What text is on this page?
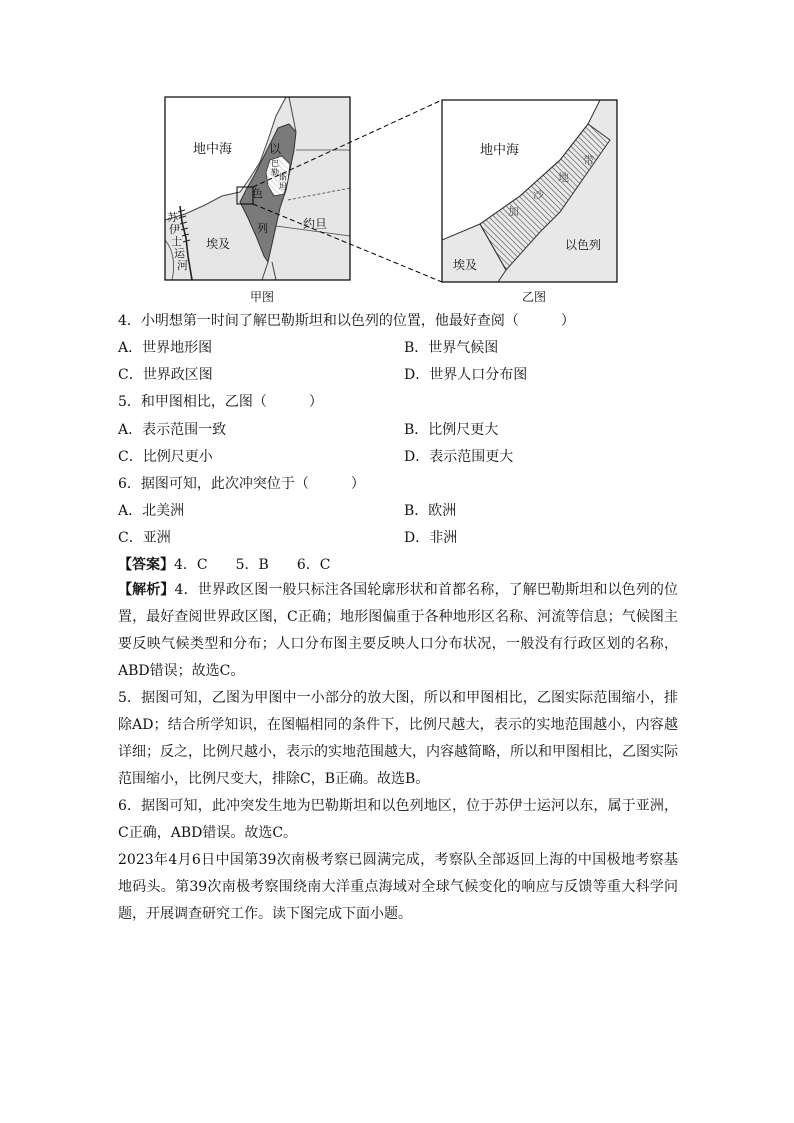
地中海	以
色
列
巴
勒
斯
坦
苏
伊
士
运
河
埃及
约旦
甲图
地中海
加
沙
地
带
埃及
以色列
乙图
4．小明想第一时间了解巴勒斯坦和以色列的位置，他最好查阅（　　　）
A．世界地形图	B．世界气候图
C．世界政区图	D．世界人口分布图
5．和甲图相比，乙图（　　　）
A．表示范围一致	B．比例尺更大
C．比例尺更小	D．表示范围更大
6．据图可知，此次冲突位于（　　　）
A．北美洲	B．欧洲
C．亚洲	D．非洲
【答案】4．C　　5．B　　6．C

【解析】4．世界政区图一般只标注各国轮廓形状和首都名称，了解巴勒斯坦和以色列的位置，最好查阅世界政区图，C正确；地形图偏重于各种地形区名称、河流等信息；气候图主要反映气候类型和分布；人口分布图主要反映人口分布状况，一般没有行政区划的名称，ABD错误；故选C。

5．据图可知，乙图为甲图中一小部分的放大图，所以和甲图相比，乙图实际范围缩小，排除AD；结合所学知识，在图幅相同的条件下，比例尺越大，表示的实地范围越小，内容越详细；反之，比例尺越小，表示的实地范围越大，内容越简略，所以和甲图相比，乙图实际范围缩小，比例尺变大，排除C，B正确。故选B。

6．据图可知，此冲突发生地为巴勒斯坦和以色列地区，位于苏伊士运河以东，属于亚洲，C正确，ABD错误。故选C。

2023年4月6日中国第39次南极考察已圆满完成，考察队全部返回上海的中国极地考察基地码头。第39次南极考察围绕南大洋重点海域对全球气候变化的响应与反馈等重大科学问题，开展调查研究工作。读下图完成下面小题。
